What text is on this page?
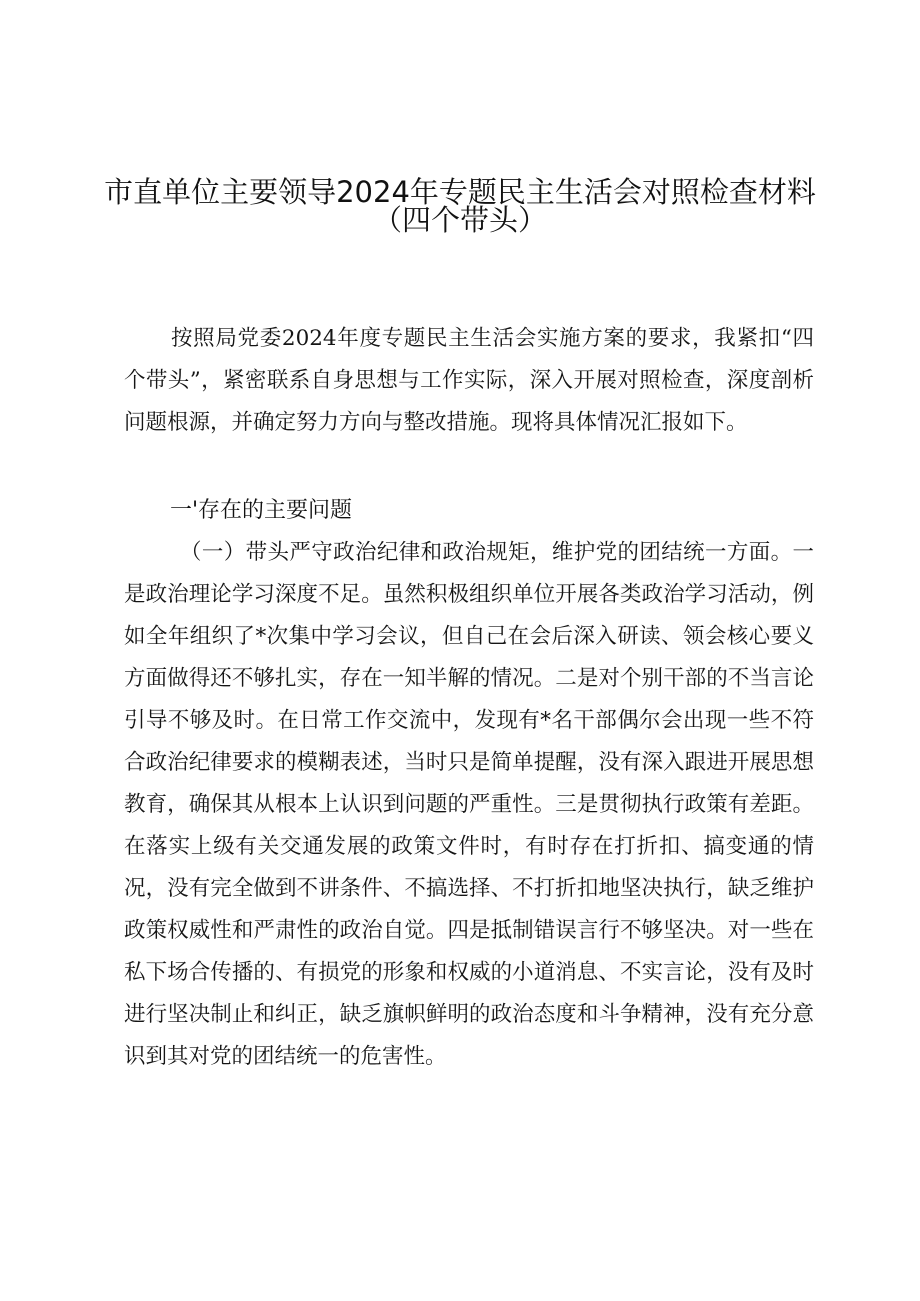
市直单位主要领导2024年专题民主生活会对照检查材料
（四个带头）

按照局党委2024年度专题民主生活会实施方案的要求，我紧扣“四个带头”，紧密联系自身思想与工作实际，深入开展对照检查，深度剖析问题根源，并确定努力方向与整改措施。现将具体情况汇报如下。

一'存在的主要问题

（一）带头严守政治纪律和政治规矩，维护党的团结统一方面。一是政治理论学习深度不足。虽然积极组织单位开展各类政治学习活动，例如全年组织了*次集中学习会议，但自己在会后深入研读、领会核心要义方面做得还不够扎实，存在一知半解的情况。二是对个别干部的不当言论引导不够及时。在日常工作交流中，发现有*名干部偶尔会出现一些不符合政治纪律要求的模糊表述，当时只是简单提醒，没有深入跟进开展思想教育，确保其从根本上认识到问题的严重性。三是贯彻执行政策有差距。在落实上级有关交通发展的政策文件时，有时存在打折扣、搞变通的情况，没有完全做到不讲条件、不搞选择、不打折扣地坚决执行，缺乏维护政策权威性和严肃性的政治自觉。四是抵制错误言行不够坚决。对一些在私下场合传播的、有损党的形象和权威的小道消息、不实言论，没有及时进行坚决制止和纠正，缺乏旗帜鲜明的政治态度和斗争精神，没有充分意识到其对党的团结统一的危害性。
